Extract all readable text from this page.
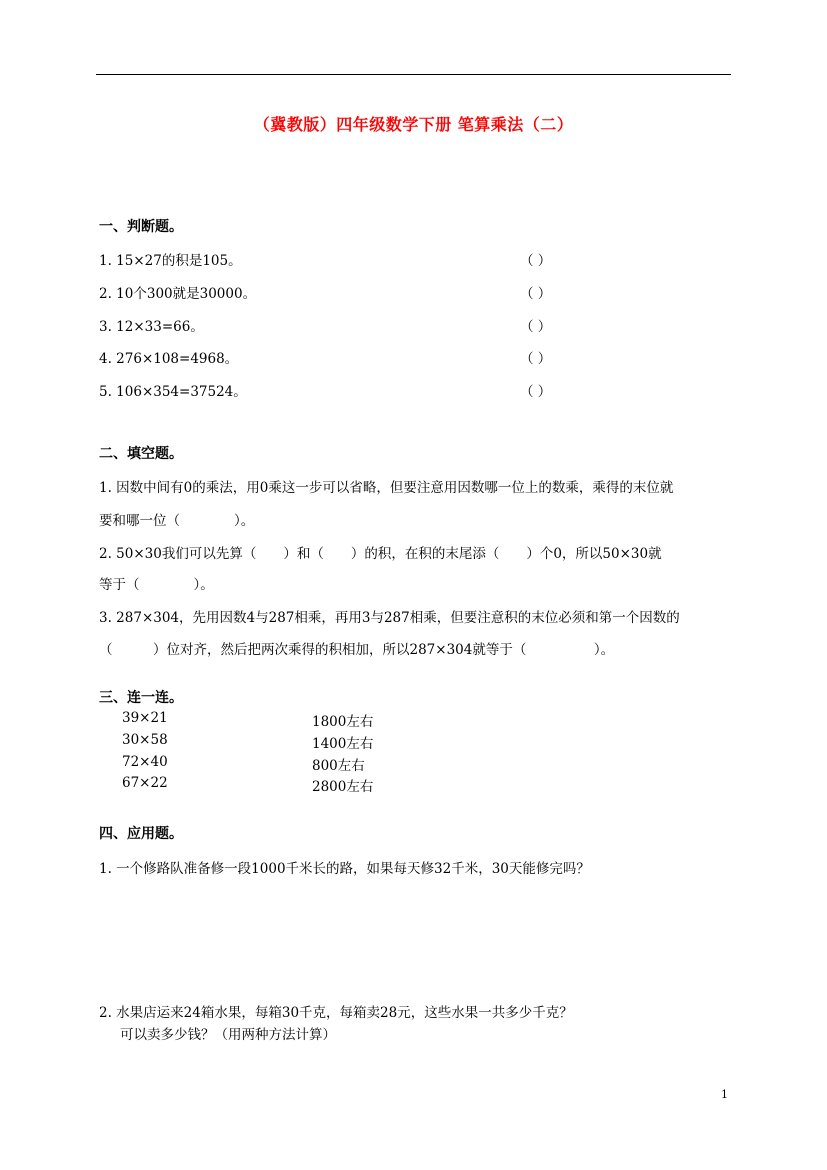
（冀教版）四年级数学下册 笔算乘法（二）
一、判断题。
1. 15×27的积是105。	（ ）
2. 10个300就是30000。	（ ）
3. 12×33=66。	（ ）
4. 276×108=4968。	（ ）
5. 106×354=37524。	（ ）
二、填空题。
1. 因数中间有0的乘法，用0乘这一步可以省略，但要注意用因数哪一位上的数乘，乘得的末位就
要和哪一位（　　　　）。
2. 50×30我们可以先算（　　）和（　　）的积，在积的末尾添（　　）个0，所以50×30就
等于（　　　　）。
3. 287×304，先用因数4与287相乘，再用3与287相乘，但要注意积的末位必须和第一个因数的
（　　　）位对齐，然后把两次乘得的积相加，所以287×304就等于（　　　　　）。
三、连一连。
39×21
30×58
72×40
67×22
1800左右
1400左右
800左右
2800左右
四、应用题。
1. 一个修路队准备修一段1000千米长的路，如果每天修32千米，30天能修完吗？
2. 水果店运来24箱水果，每箱30千克，每箱卖28元，这些水果一共多少千克？
可以卖多少钱？（用两种方法计算）
1
